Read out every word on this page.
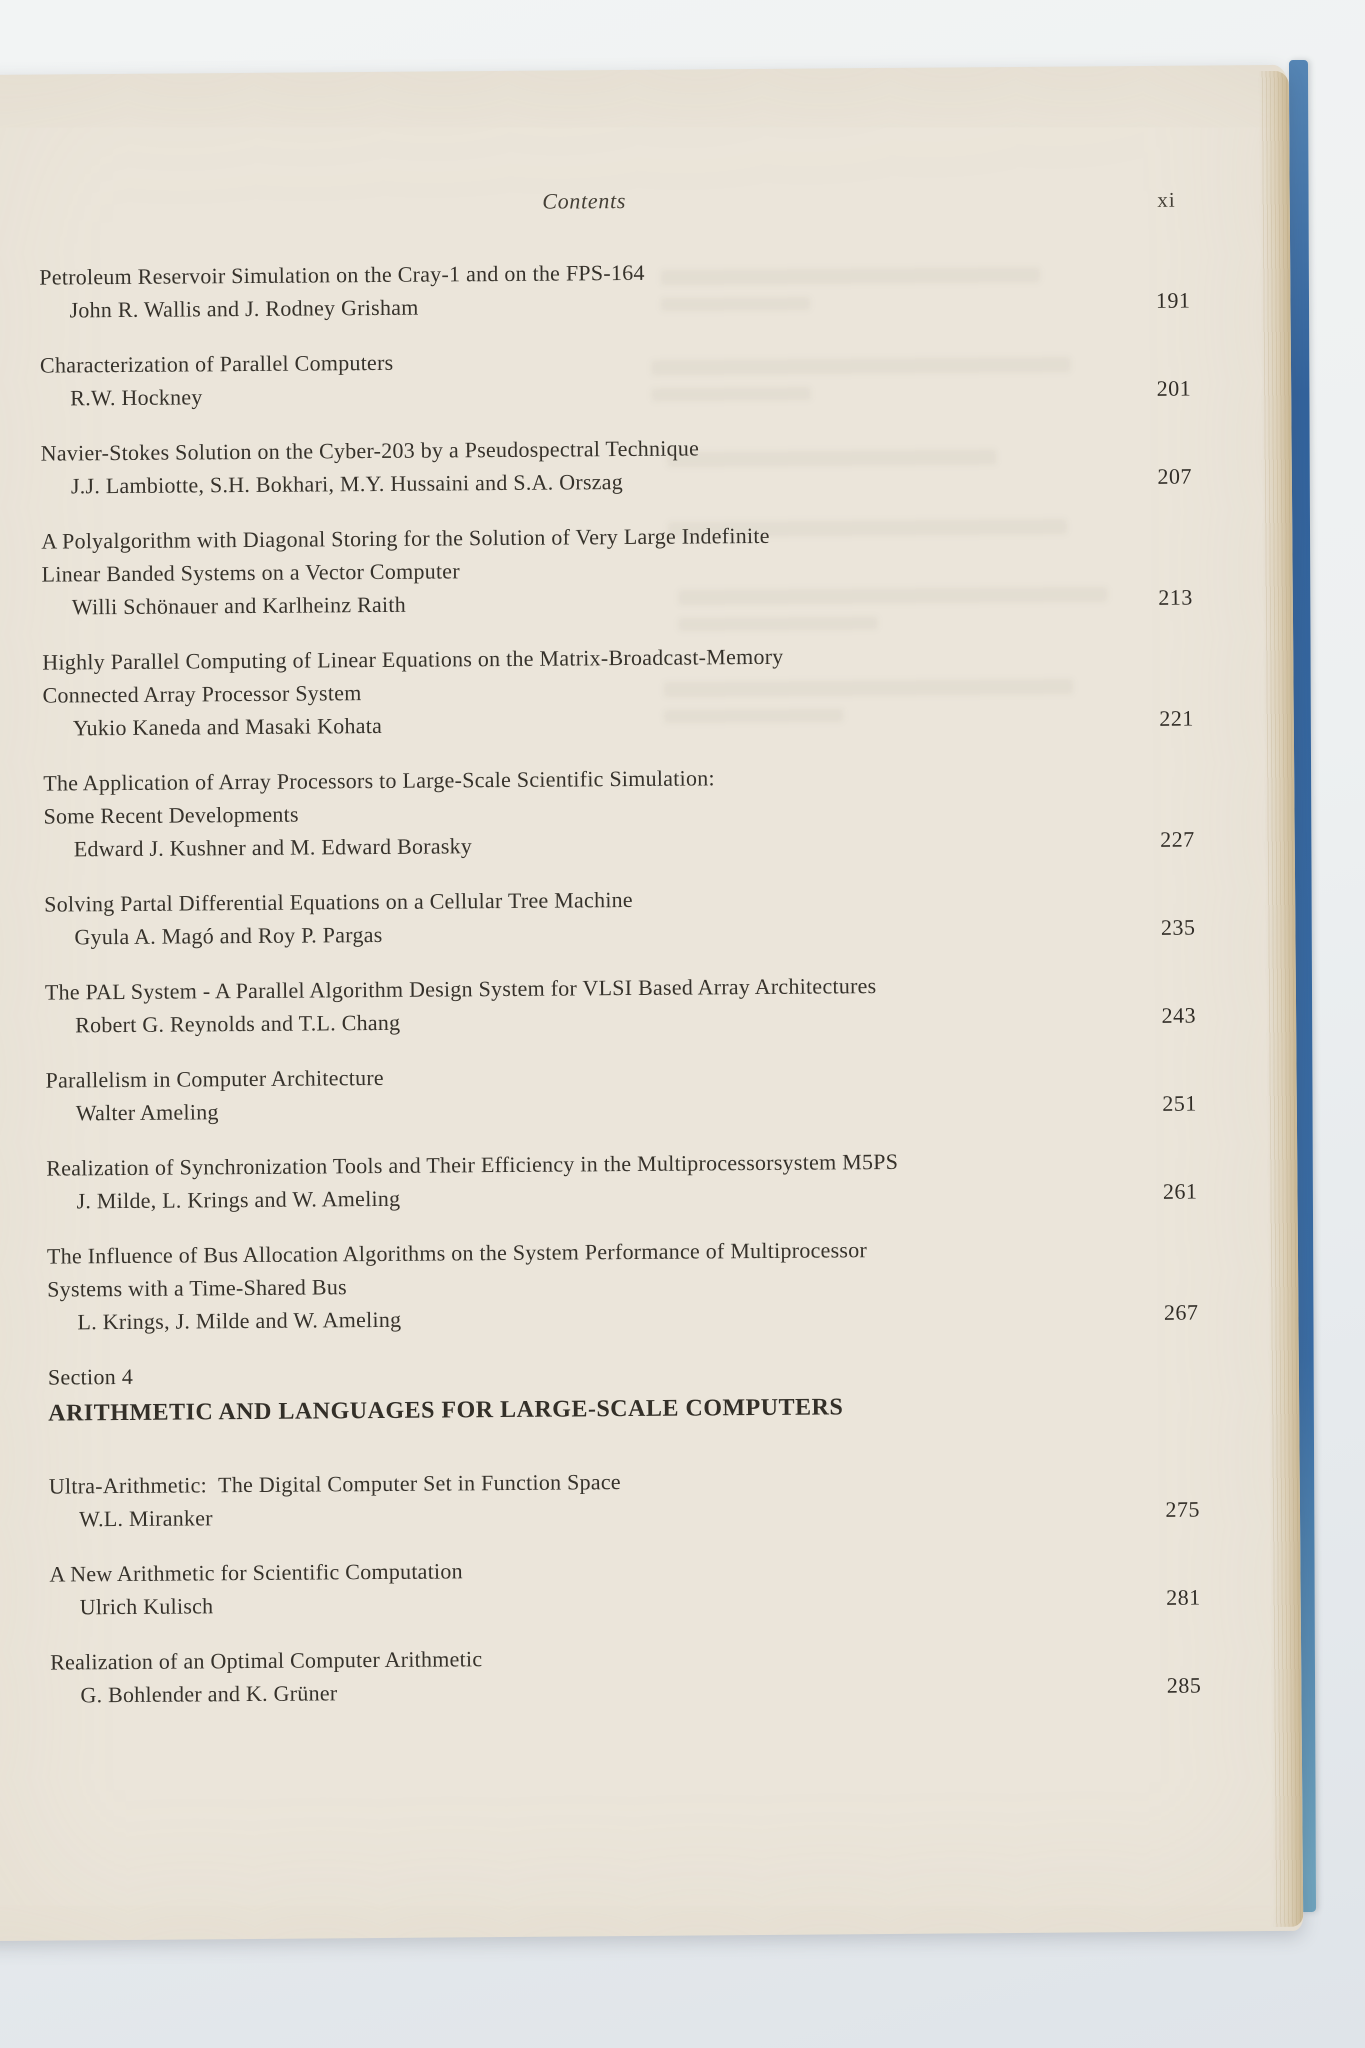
Contents	xi
Petroleum Reservoir Simulation on the Cray-1 and on the FPS-164
John R. Wallis and J. Rodney Grisham	191
Characterization of Parallel Computers
R.W. Hockney	201
Navier-Stokes Solution on the Cyber-203 by a Pseudospectral Technique
J.J. Lambiotte, S.H. Bokhari, M.Y. Hussaini and S.A. Orszag	207
A Polyalgorithm with Diagonal Storing for the Solution of Very Large Indefinite
Linear Banded Systems on a Vector Computer
Willi Schönauer and Karlheinz Raith	213
Highly Parallel Computing of Linear Equations on the Matrix-Broadcast-Memory
Connected Array Processor System
Yukio Kaneda and Masaki Kohata	221
The Application of Array Processors to Large-Scale Scientific Simulation:
Some Recent Developments
Edward J. Kushner and M. Edward Borasky	227
Solving Partal Differential Equations on a Cellular Tree Machine
Gyula A. Magó and Roy P. Pargas	235
The PAL System - A Parallel Algorithm Design System for VLSI Based Array Architectures
Robert G. Reynolds and T.L. Chang	243
Parallelism in Computer Architecture
Walter Ameling	251
Realization of Synchronization Tools and Their Efficiency in the Multiprocessorsystem M5PS
J. Milde, L. Krings and W. Ameling	261
The Influence of Bus Allocation Algorithms on the System Performance of Multiprocessor
Systems with a Time-Shared Bus
L. Krings, J. Milde and W. Ameling	267
Section 4
ARITHMETIC AND LANGUAGES FOR LARGE-SCALE COMPUTERS
Ultra-Arithmetic:  The Digital Computer Set in Function Space
W.L. Miranker	275
A New Arithmetic for Scientific Computation
Ulrich Kulisch	281
Realization of an Optimal Computer Arithmetic
G. Bohlender and K. Grüner	285
